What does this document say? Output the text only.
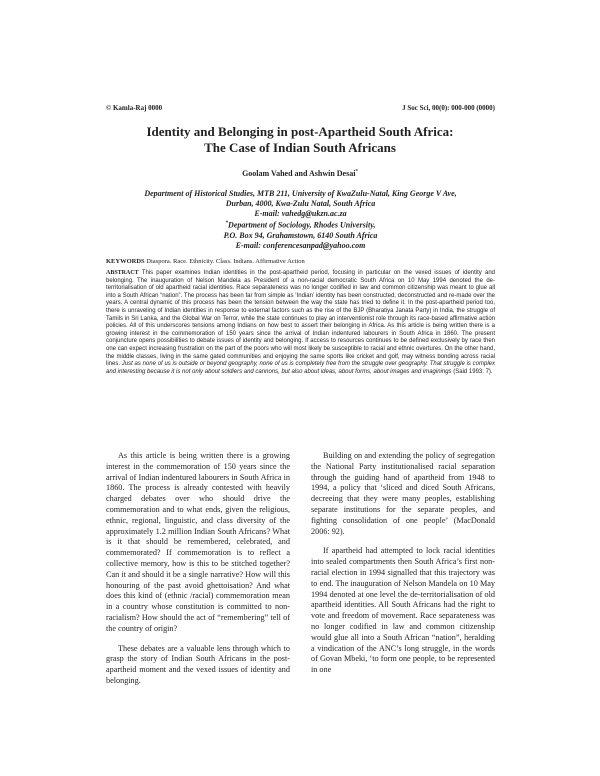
© Kamla-Raj 0000	J Soc Sci, 00(0): 000-000 (0000)
Identity and Belonging in post-Apartheid South Africa:
The Case of Indian South Africans
Goolam Vahed and Ashwin Desai*
Department of Historical Studies, MTB 211, University of KwaZulu-Natal, King George V Ave,
Durban, 4000, Kwa-Zulu Natal, South Africa
E-mail: vahedg@ukzn.ac.za
*Department of Sociology, Rhodes University,
P.O. Box 94, Grahamstown, 6140 South Africa
E-mail: conferencesanpad@yahoo.com
KEYWORDS Diaspora. Race. Ethnicity. Class. Indians. Affirmative Action
ABSTRACT This paper examines Indian identities in the post-apartheid period, focusing in particular on the vexed issues of identity and belonging. The inauguration of Nelson Mandela as President of a non-racial democratic South Africa on 10 May 1994 denoted the de-territorialisation of old apartheid racial identities. Race separateness was no longer codified in law and common citizenship was meant to glue all into a South African “nation”. The process has been far from simple as ‘Indian’ identity has been constructed, deconstructed and re-made over the years. A central dynamic of this process has been the tension between the way the state has tried to define it. In the post-apartheid period too, there is unraveling of Indian identities in response to external factors such as the rise of the BJP (Bharatiya Janata Party) in India, the struggle of Tamils in Sri Lanka, and the Global War on Terror, while the state continues to play an interventionist role through its race-based affirmative action policies. All of this underscores tensions among Indians on how best to assert their belonging in Africa. As this article is being written there is a growing interest in the commemoration of 150 years since the arrival of Indian indentured labourers in South Africa in 1860. The present conjuncture opens possibilities to debate issues of identity and belonging. If access to resources continues to be defined exclusively by race then one can expect increasing frustration on the part of the poors who will most likely be susceptible to racial and ethnic overtures. On the other hand, the middle classes, living in the same gated communities and enjoying the same sports like cricket and golf, may witness bonding across racial lines. Just as none of us is outside or beyond geography, none of us is completely free from the struggle over geography. That struggle is complex and interesting because it is not only about soldiers and cannons, but also about ideas, about forms, about images and imaginings (Said 1993: 7).

As this article is being written there is a growing interest in the commemoration of 150 years since the arrival of Indian indentured labourers in South Africa in 1860. The process is already contested with heavily charged debates over who should drive the commemoration and to what ends, given the religious, ethnic, regional, linguistic, and class diversity of the approximately 1.2 million Indian South Africans? What is it that should be remembered, celebrated, and commemorated? If commemoration is to reflect a collective memory, how is this to be stitched together? Can it and should it be a single narrative? How will this honouring of the past avoid ghettoisation? And what does this kind of (ethnic /racial) commemoration mean in a country whose constitution is committed to non-racialism? How should the act of “remembering” tell of the country of origin?

These debates are a valuable lens through which to grasp the story of Indian South Africans in the post-apartheid moment and the vexed issues of identity and belonging.

Building on and extending the policy of segregation the National Party institutionalised racial separation through the guiding hand of apartheid from 1948 to 1994, a policy that ‘sliced and diced South Africans, decreeing that they were many peoples, establishing separate institutions for the separate peoples, and fighting consolidation of one people’ (MacDonald 2006: 92).

If apartheid had attempted to lock racial identities into sealed compartments then South Africa’s first non-racial election in 1994 signalled that this trajectory was to end. The inauguration of Nelson Mandela on 10 May 1994 denoted at one level the de-territorialisation of old apartheid identities. All South Africans had the right to vote and freedom of movement. Race separateness was no longer codified in law and common citizenship would glue all into a South African “nation”, heralding a vindication of the ANC’s long struggle, in the words of Govan Mbeki, ‘to form one people, to be represented in one
